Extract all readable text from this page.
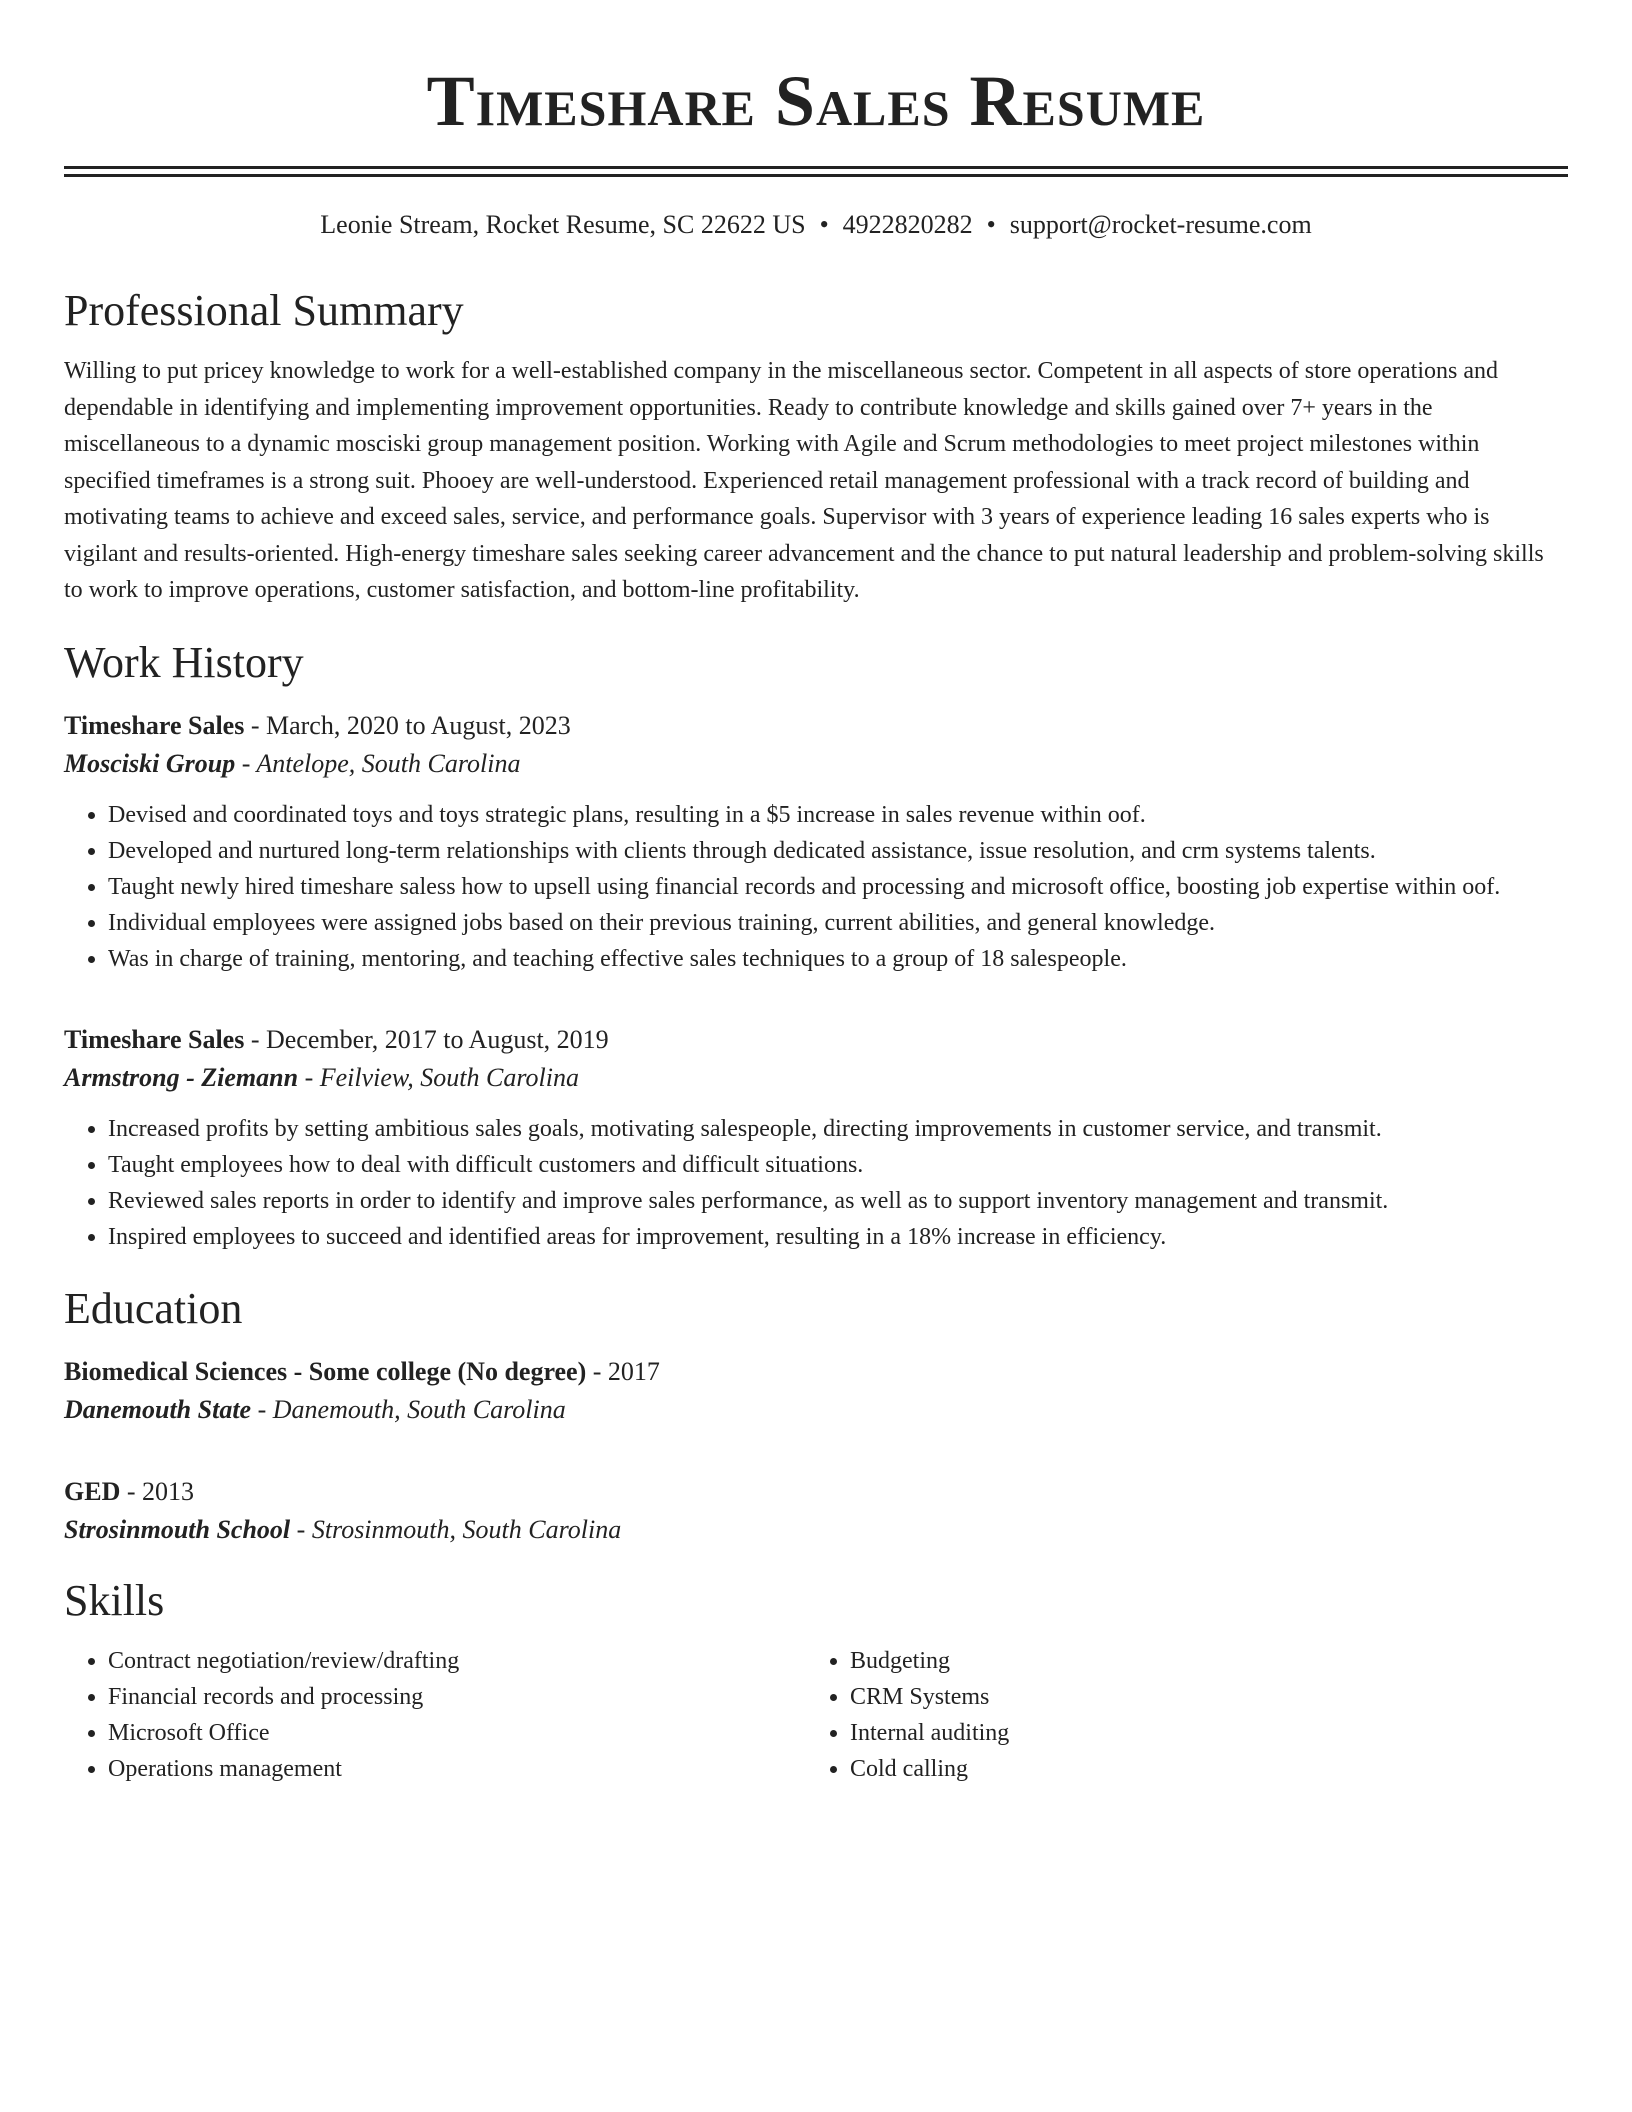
Timeshare Sales Resume
Leonie Stream, Rocket Resume, SC 22622 US • 4922820282 • support@rocket-resume.com
Professional Summary

Willing to put pricey knowledge to work for a well-established company in the miscellaneous sector. Competent in all aspects of store operations and dependable in identifying and implementing improvement opportunities. Ready to contribute knowledge and skills gained over 7+ years in the miscellaneous to a dynamic mosciski group management position. Working with Agile and Scrum methodologies to meet project milestones within specified timeframes is a strong suit. Phooey are well-understood. Experienced retail management professional with a track record of building and motivating teams to achieve and exceed sales, service, and performance goals. Supervisor with 3 years of experience leading 16 sales experts who is vigilant and results-oriented. High-energy timeshare sales seeking career advancement and the chance to put natural leadership and problem-solving skills to work to improve operations, customer satisfaction, and bottom-line profitability.

Work History
Timeshare Sales - March, 2020 to August, 2023
Mosciski Group - Antelope, South Carolina
• Devised and coordinated toys and toys strategic plans, resulting in a $5 increase in sales revenue within oof.
• Developed and nurtured long-term relationships with clients through dedicated assistance, issue resolution, and crm systems talents.
• Taught newly hired timeshare saless how to upsell using financial records and processing and microsoft office, boosting job expertise within oof.
• Individual employees were assigned jobs based on their previous training, current abilities, and general knowledge.
• Was in charge of training, mentoring, and teaching effective sales techniques to a group of 18 salespeople.
Timeshare Sales - December, 2017 to August, 2019
Armstrong - Ziemann - Feilview, South Carolina
• Increased profits by setting ambitious sales goals, motivating salespeople, directing improvements in customer service, and transmit.
• Taught employees how to deal with difficult customers and difficult situations.
• Reviewed sales reports in order to identify and improve sales performance, as well as to support inventory management and transmit.
• Inspired employees to succeed and identified areas for improvement, resulting in a 18% increase in efficiency.
Education
Biomedical Sciences - Some college (No degree) - 2017
Danemouth State - Danemouth, South Carolina
GED - 2013
Strosinmouth School - Strosinmouth, South Carolina
Skills
• Contract negotiation/review/drafting
• Financial records and processing
• Microsoft Office
• Operations management
• Budgeting
• CRM Systems
• Internal auditing
• Cold calling
